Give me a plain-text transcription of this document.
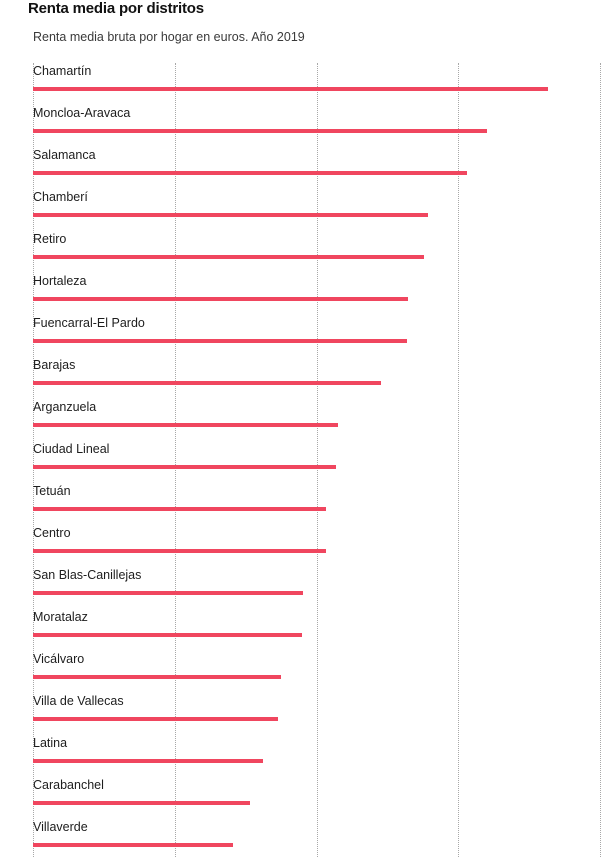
Renta media por distritos
Renta media bruta por hogar en euros. Año 2019
Chamartín
Moncloa-Aravaca
Salamanca
Chamberí
Retiro
Hortaleza
Fuencarral-El Pardo
Barajas
Arganzuela
Ciudad Lineal
Tetuán
Centro
San Blas-Canillejas
Moratalaz
Vicálvaro
Villa de Vallecas
Latina
Carabanchel
Villaverde
